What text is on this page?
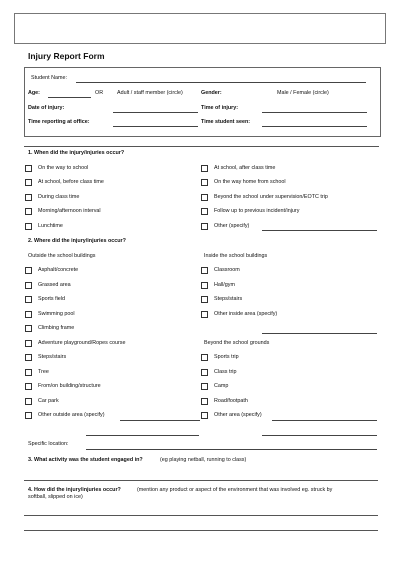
Injury Report Form
Student Name:
Age:	OR	Adult / staff member (circle)	Gender:	Male / Female (circle)
Date of injury:	Time of injury:
Time reporting at office:	Time student seen:
1. When did the injury/injuries occur?
On the way to school
At school, before class time
During class time
Morning/afternoon interval
Lunchtime
At school, after class time
On the way home from school
Beyond the school under supervision/EOTC trip
Follow up to previous incident/injury
Other (specify)
2. Where did the injury/injuries occur?
Outside the school buildings	Inside the school buildings
Asphalt/concrete
Grassed area
Sports field
Swimming pool
Climbing frame
Adventure playground/Ropes course
Steps/stairs
Tree
From/on building/structure
Car park
Other outside area (specify)
Classroom
Hall/gym
Steps/stairs
Other inside area (specify)
Beyond the school grounds
Sports trip
Class trip
Camp
Road/footpath
Other area (specify)
Specific location:
3. What activity was the student engaged in?	(eg playing netball, running to class)
4. How did the injury/injuries occur?	(mention any product or aspect of the environment that was involved eg. struck by
softball, slipped on ice)
